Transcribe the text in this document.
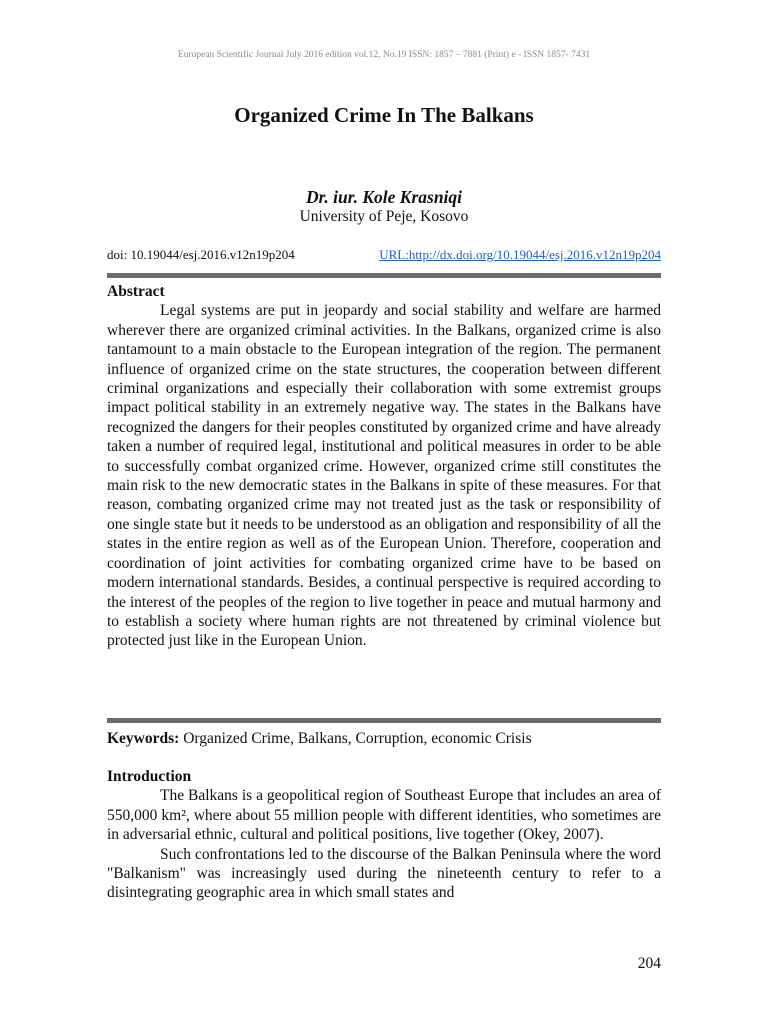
European Scientific Journal July 2016 edition vol.12, No.19 ISSN: 1857 – 7881 (Print) e - ISSN 1857- 7431
Organized Crime In The Balkans
Dr. iur. Kole Krasniqi
University of Peje, Kosovo
doi: 10.19044/esj.2016.v12n19p204	URL:http://dx.doi.org/10.19044/esj.2016.v12n19p204
Abstract

Legal systems are put in jeopardy and social stability and welfare are harmed wherever there are organized criminal activities. In the Balkans, organized crime is also tantamount to a main obstacle to the European integration of the region. The permanent influence of organized crime on the state structures, the cooperation between different criminal organizations and especially their collaboration with some extremist groups impact political stability in an extremely negative way. The states in the Balkans have recognized the dangers for their peoples constituted by organized crime and have already taken a number of required legal, institutional and political measures in order to be able to successfully combat organized crime. However, organized crime still constitutes the main risk to the new democratic states in the Balkans in spite of these measures. For that reason, combating organized crime may not treated just as the task or responsibility of one single state but it needs to be understood as an obligation and responsibility of all the states in the entire region as well as of the European Union. Therefore, cooperation and coordination of joint activities for combating organized crime have to be based on modern international standards. Besides, a continual perspective is required according to the interest of the peoples of the region to live together in peace and mutual harmony and to establish a society where human rights are not threatened by criminal violence but protected just like in the European Union.

Keywords: Organized Crime, Balkans, Corruption, economic Crisis
Introduction

The Balkans is a geopolitical region of Southeast Europe that includes an area of 550,000 km², where about 55 million people with different identities, who sometimes are in adversarial ethnic, cultural and political positions, live together (Okey, 2007).

Such confrontations led to the discourse of the Balkan Peninsula where the word "Balkanism" was increasingly used during the nineteenth century to refer to a disintegrating geographic area in which small states and

204
